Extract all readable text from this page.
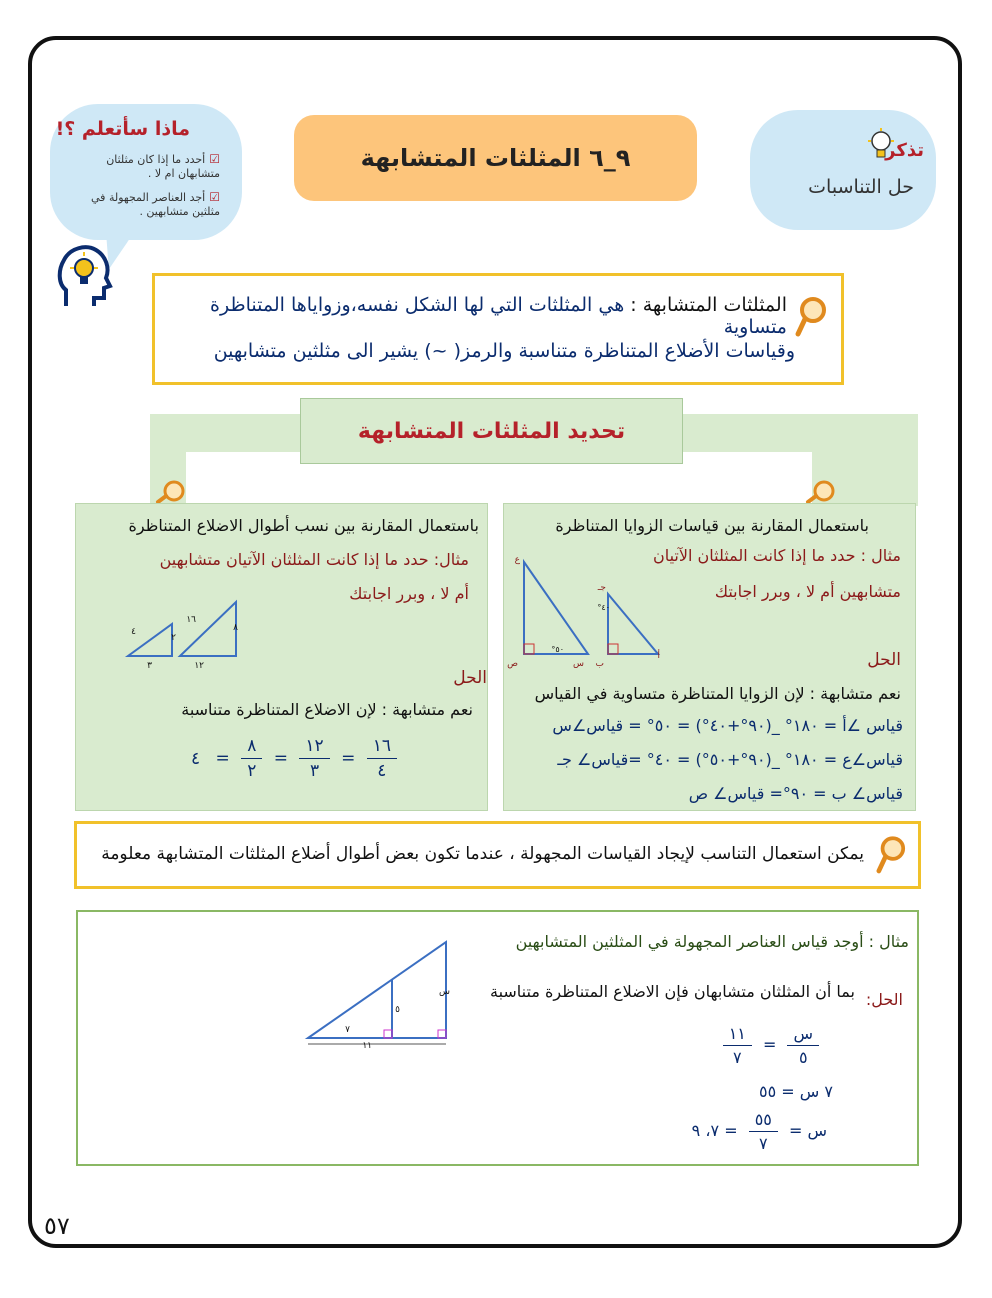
ماذا سأتعلم ؟!
☑أحدد ما إذا كان مثلثان متشابهان ام لا .
☑أجد العناصر المجهولة في مثلثين متشابهين .
٩_٦ المثلثات المتشابهة	تذكر
حل التناسبات
المثلثات المتشابهة : هي المثلثات التي لها الشكل نفسه،وزواياها المتناظرة متساوية
وقياسات الأضلاع المتناظرة متناسبة والرمز( ~) يشير الى مثلثين متشابهين
تحديد المثلثات المتشابهة
باستعمال المقارنة بين قياسات الزوايا المتناظرة
مثال : حدد ما إذا كانت المثلثان الآتيان
متشابهين أم لا ، وبرر اجابتك
الحل
نعم متشابهة : لإن الزوايا المتناظرة متساوية في القياس
قياس ∠أ = ١٨٠° _(٩٠°+٤٠°) = ٥٠° = قياس∠س
قياس∠ع = ١٨٠° _(٩٠°+٥٠°) = ٤٠° =قياس∠ جـ
قياس∠ ب = ٩٠°= قياس∠ ص
ع
ص	س ب
أ
جـ
٥٠°
٤٠°
باستعمال المقارنة بين نسب أطوال الاضلاع المتناظرة
مثال: حدد ما إذا كانت المثلثان الآتيان متشابهين
أم لا ، وبرر اجابتك
الحل
نعم متشابهة : لإن الاضلاع المتناظرة متناسبة
$\frac{١٦}{٤}$
=
$\frac{١٢}{٣}$
=
$\frac{٨}{٢}$
= ٤
٤
٢
٣
١٦
٨
١٢
يمكن استعمال التناسب لإيجاد القياسات المجهولة ، عندما تكون بعض أطوال أضلاع المثلثات المتشابهة معلومة
مثال : أوجد قياس العناصر المجهولة في المثلثين المتشابهين
الحل:
بما أن المثلثان متشابهان فإن الاضلاع المتناظرة متناسبة
$\frac{\text{س}}{٥}$
=
$\frac{١١}{٧}$
٧ س = ٥٥
س =
$\frac{٥٥}{٧}$
= ٧، ٩
س
٥
٧
١١
٥٧
